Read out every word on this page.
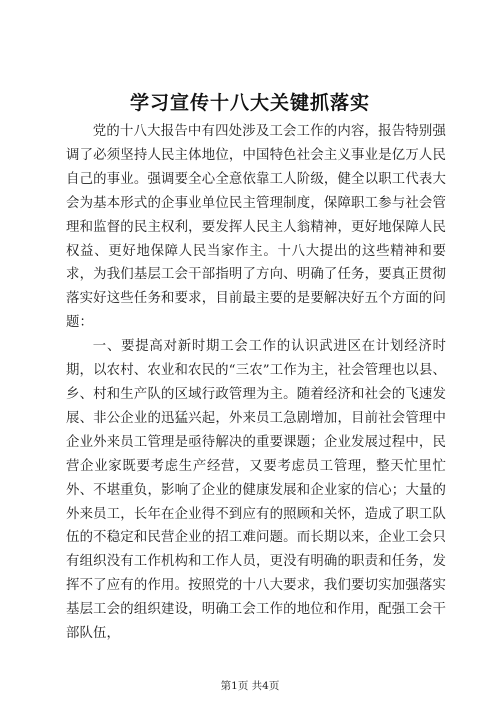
学习宣传十八大关键抓落实

党的十八大报告中有四处涉及工会工作的内容，报告特别强调了必须坚持人民主体地位，中国特色社会主义事业是亿万人民自己的事业。强调要全心全意依靠工人阶级，健全以职工代表大会为基本形式的企事业单位民主管理制度，保障职工参与社会管理和监督的民主权利，要发挥人民主人翁精神，更好地保障人民权益、更好地保障人民当家作主。十八大提出的这些精神和要求，为我们基层工会干部指明了方向、明确了任务，要真正贯彻落实好这些任务和要求，目前最主要的是要解决好五个方面的问题：

一、要提高对新时期工会工作的认识武进区在计划经济时期，以农村、农业和农民的“三农”工作为主，社会管理也以县、乡、村和生产队的区域行政管理为主。随着经济和社会的飞速发展、非公企业的迅猛兴起，外来员工急剧增加，目前社会管理中企业外来员工管理是亟待解决的重要课题；企业发展过程中，民营企业家既要考虑生产经营，又要考虑员工管理，整天忙里忙外、不堪重负，影响了企业的健康发展和企业家的信心；大量的外来员工，长年在企业得不到应有的照顾和关怀，造成了职工队伍的不稳定和民营企业的招工难问题。而长期以来，企业工会只有组织没有工作机构和工作人员，更没有明确的职责和任务，发挥不了应有的作用。按照党的十八大要求，我们要切实加强落实基层工会的组织建设，明确工会工作的地位和作用，配强工会干部队伍，

第1页 共4页
